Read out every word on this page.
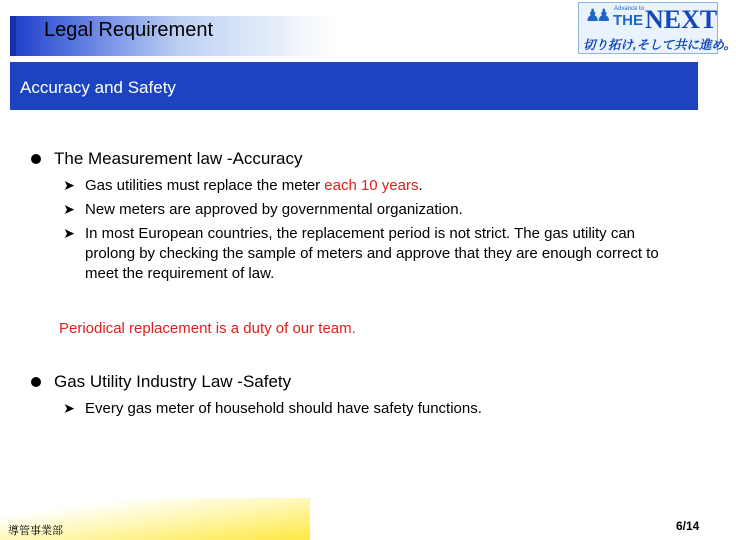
Legal Requirement
♟♟ Advance to
THE NEXT
切り拓け,そして共に進め。
Accuracy and Safety
The Measurement law -Accuracy
➤ Gas utilities must replace the meter each 10 years.
➤ New meters are approved by governmental organization.
➤ In most European countries, the replacement period is not strict. The gas utility can prolong by checking the sample of meters and approve that they are enough correct to meet the requirement of law.
Periodical replacement is a duty of our team.
Gas Utility Industry Law -Safety
➤ Every gas meter of household should have safety functions.
導管事業部	6/14
